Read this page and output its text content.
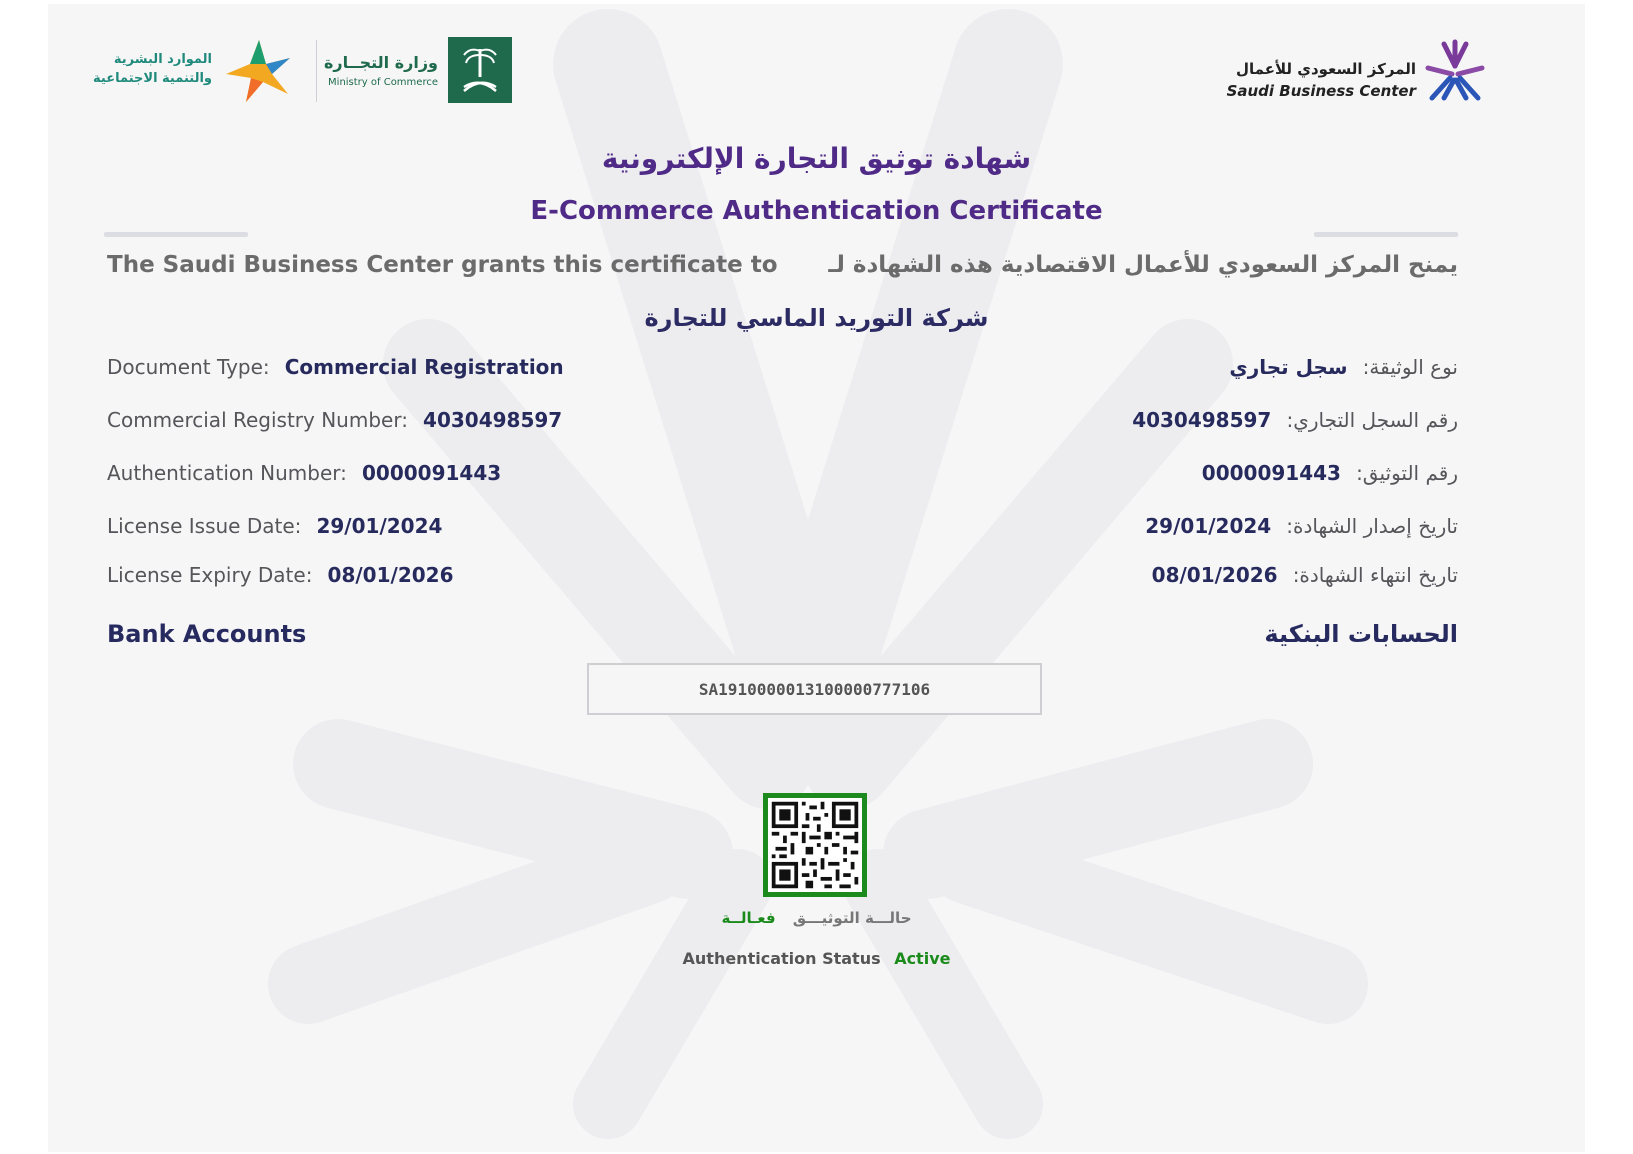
الموارد البشرية
والتنمية الاجتماعية
وزارة التجــارة
Ministry of Commerce
المركز السعودي للأعمال
Saudi Business Center
شهادة توثيق التجارة الإلكترونية
E-Commerce Authentication Certificate
The Saudi Business Center grants this certificate to يمنح المركز السعودي للأعمال الاقتصادية هذه الشهادة لـ
شركة التوريد الماسي للتجارة
Document Type: Commercial Registration
Commercial Registry Number: 4030498597
Authentication Number: 0000091443
License Issue Date: 29/01/2024
License Expiry Date: 08/01/2026
نوع الوثيقة: سجل تجاري
رقم السجل التجاري: 4030498597
رقم التوثيق: 0000091443
تاريخ إصدار الشهادة: 29/01/2024
تاريخ انتهاء الشهادة: 08/01/2026
Bank Accounts	الحسابات البنكية
SA1910000013100000777106
حالـــة التوثيـــق فعـالــة
Authentication Status Active
